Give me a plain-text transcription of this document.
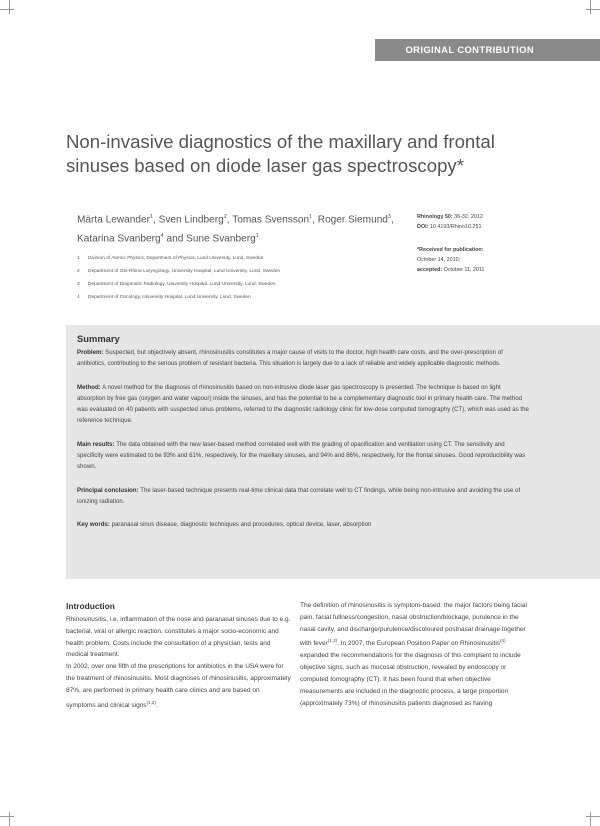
ORIGINAL CONTRIBUTION
Non-invasive diagnostics of the maxillary and frontal sinuses based on diode laser gas spectroscopy*
Märta Lewander$^1$, Sven Lindberg$^2$, Tomas Svensson$^1$, Roger Siemund$^3$,
Katarina Svanberg$^4$ and Sune Svanberg$^1$
1 Division of Atomic Physics, Department of Physics, Lund University, Lund, Sweden
2 Department of Oto-Rhino-Laryngology, University Hospital, Lund University, Lund, Sweden
3 Department of Diagnostic Radiology, University Hospital, Lund University, Lund, Sweden
4 Department of Oncology, University Hospital, Lund University, Lund, Sweden
Rhinology 50: 36-32, 2012
DOI: 10.4193/Rhino10.251
*Received for publication:
October 14, 2010;
accepted: October 11, 2011
Summary

Problem: Suspected, but objectively absent, rhinosinusitis constitutes a major cause of visits to the doctor, high health care costs, and the over-prescription of antibiotics, contributing to the serious problem of resistant bacteria. This situation is largely due to a lack of reliable and widely applicable diagnostic methods.

Method: A novel method for the diagnosis of rhinosinusitis based on non-intrusive diode laser gas spectroscopy is presented. The technique is based on light absorption by free gas (oxygen and water vapour) inside the sinuses, and has the potential to be a complementary diagnostic tool in primary health care. The method was evaluated on 40 patients with suspected sinus problems, referred to the diagnostic radiology clinic for low-dose computed tomography (CT), which was used as the reference technique.

Main results: The data obtained with the new laser-based method correlated well with the grading of opacification and ventilation using CT. The sensitivity and specificity were estimated to be 93% and 61%, respectively, for the maxillary sinuses, and 94% and 86%, respectively, for the frontal sinuses. Good reproducibility was shown.

Principal conclusion: The laser-based technique presents real-time clinical data that correlate well to CT findings, while being non-intrusive and avoiding the use of ionizing radiation.

Key words: paranasal sinus disease, diagnostic techniques and procedures, optical device, laser, absorption

Introduction

Rhinosinusitis, i.e. inflammation of the nose and paranasal sinuses due to e.g. bacterial, viral or allergic reaction, constitutes a major socio-economic and health problem. Costs include the consultation of a physician, tests and medical treatment.

In 2002, over one fifth of the prescriptions for antibiotics in the USA were for the treatment of rhinosinusitis. Most diagnoses of rhinosinusitis, approximately 87%, are performed in primary health care clinics and are based on symptoms and clinical signs$^{(1,2)}$.

The definition of rhinosinusitis is symptom-based: the major factors being facial pain, facial fullness/congestion, nasal obstruction/blockage, purulence in the nasal cavity, and discharge/purulence/discoloured postnasal drainage together with fever$^{(1,3)}$. In 2007, the European Position Paper on Rhinosinusitis$^{(4)}$ expanded the recommendations for the diagnosis of this complaint to include objective signs, such as mucosal obstruction, revealed by endoscopy or computed tomography (CT). It has been found that when objective measurements are included in the diagnostic process, a large proportion (approximately 73%) of rhinosinusitis patients diagnosed as having
